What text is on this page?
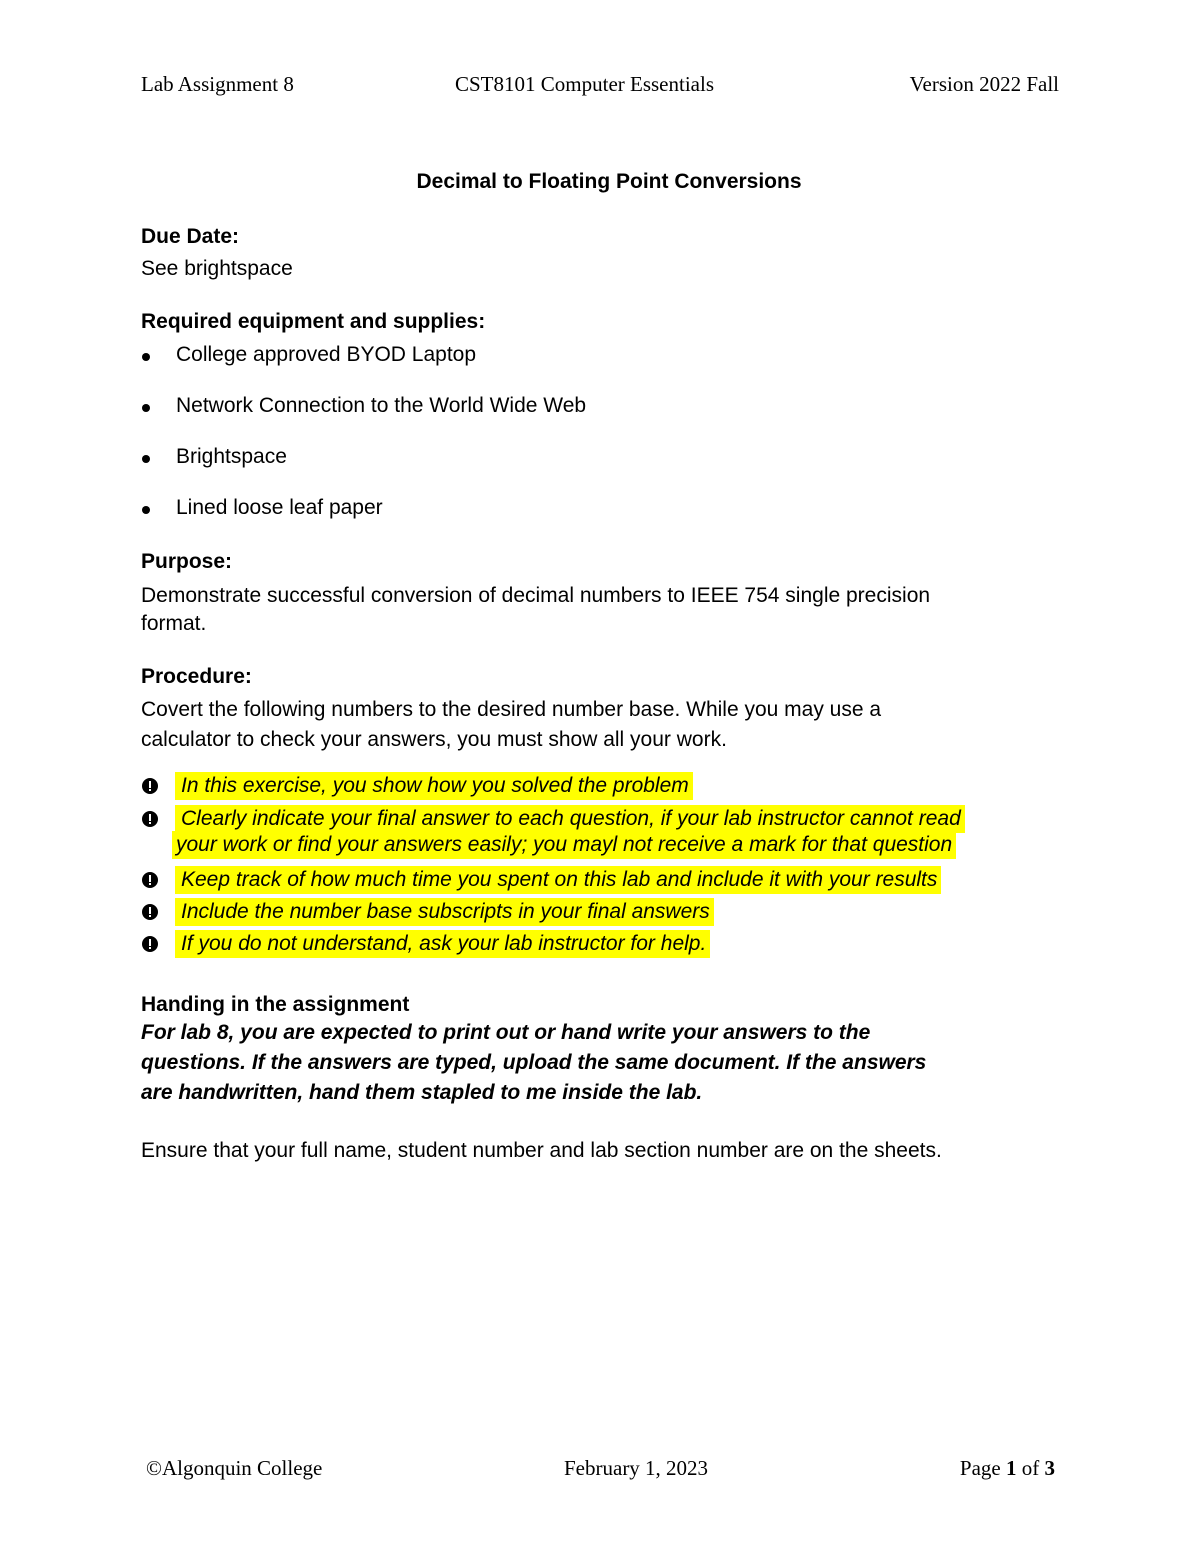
Lab Assignment 8	CST8101 Computer Essentials	Version 2022 Fall
Decimal to Floating Point Conversions
Due Date:
See brightspace
Required equipment and supplies:
College approved BYOD Laptop
Network Connection to the World Wide Web
Brightspace
Lined loose leaf paper
Purpose:
Demonstrate successful conversion of decimal numbers to IEEE 754 single precision
format.
Procedure:
Covert the following numbers to the desired number base. While you may use a
calculator to check your answers, you must show all your work.
In this exercise, you show how you solved the problem
Clearly indicate your final answer to each question, if your lab instructor cannot read
your work or find your answers easily; you mayl not receive a mark for that question
Keep track of how much time you spent on this lab and include it with your results
Include the number base subscripts in your final answers
If you do not understand, ask your lab instructor for help.
Handing in the assignment
For lab 8, you are expected to print out or hand write your answers to the
questions. If the answers are typed, upload the same document. If the answers
are handwritten, hand them stapled to me inside the lab.
Ensure that your full name, student number and lab section number are on the sheets.
©Algonquin College	February 1, 2023	Page 1 of 3
